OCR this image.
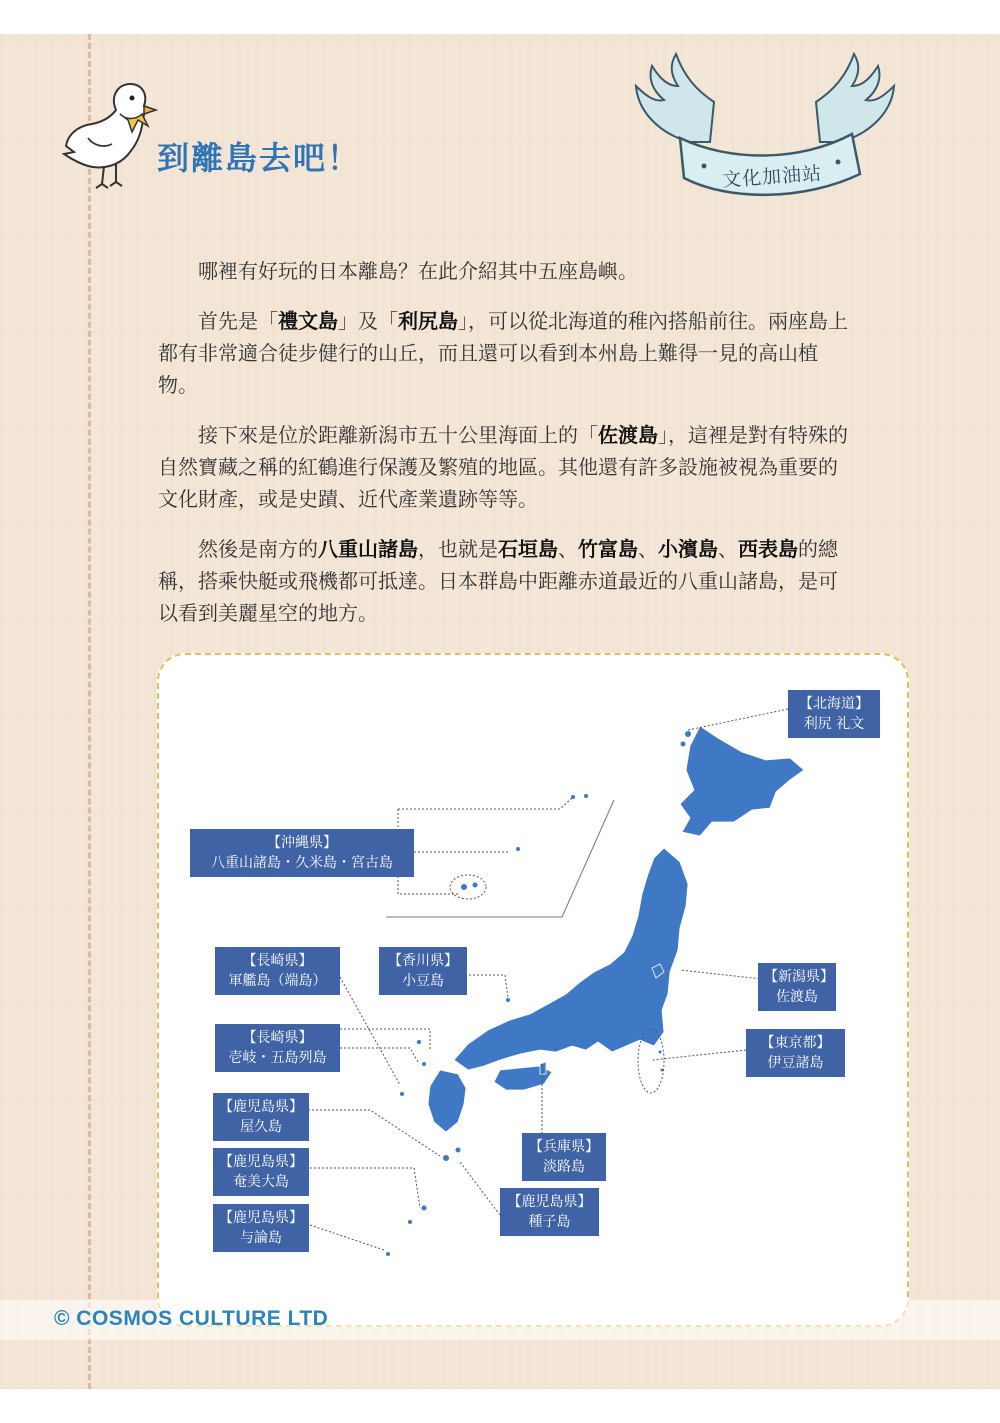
到離島去吧！	文化加油站

哪裡有好玩的日本離島？在此介紹其中五座島嶼。

首先是「禮文島」及「利尻島」，可以從北海道的稚內搭船前往。兩座島上都有非常適合徒步健行的山丘，而且還可以看到本州島上難得一見的高山植物。

接下來是位於距離新潟市五十公里海面上的「佐渡島」，這裡是對有特殊的自然寶藏之稱的紅鶴進行保護及繁殖的地區。其他還有許多設施被視為重要的文化財產，或是史蹟、近代產業遺跡等等。

然後是南方的八重山諸島，也就是石垣島、竹富島、小濱島、西表島的總稱，搭乘快艇或飛機都可抵達。日本群島中距離赤道最近的八重山諸島，是可以看到美麗星空的地方。

【北海道】
利尻 礼文
【沖縄県】
八重山諸島・久米島・宮古島
【長崎県】
軍艦島（端島）
【香川県】
小豆島	【新潟県】
佐渡島
【東京都】
伊豆諸島
【長崎県】
壱岐・五島列島
【鹿児島県】
屋久島
【兵庫県】
淡路島
【鹿児島県】
奄美大島
【鹿児島県】
種子島
【鹿児島県】
与論島
© COSMOS CULTURE LTD
